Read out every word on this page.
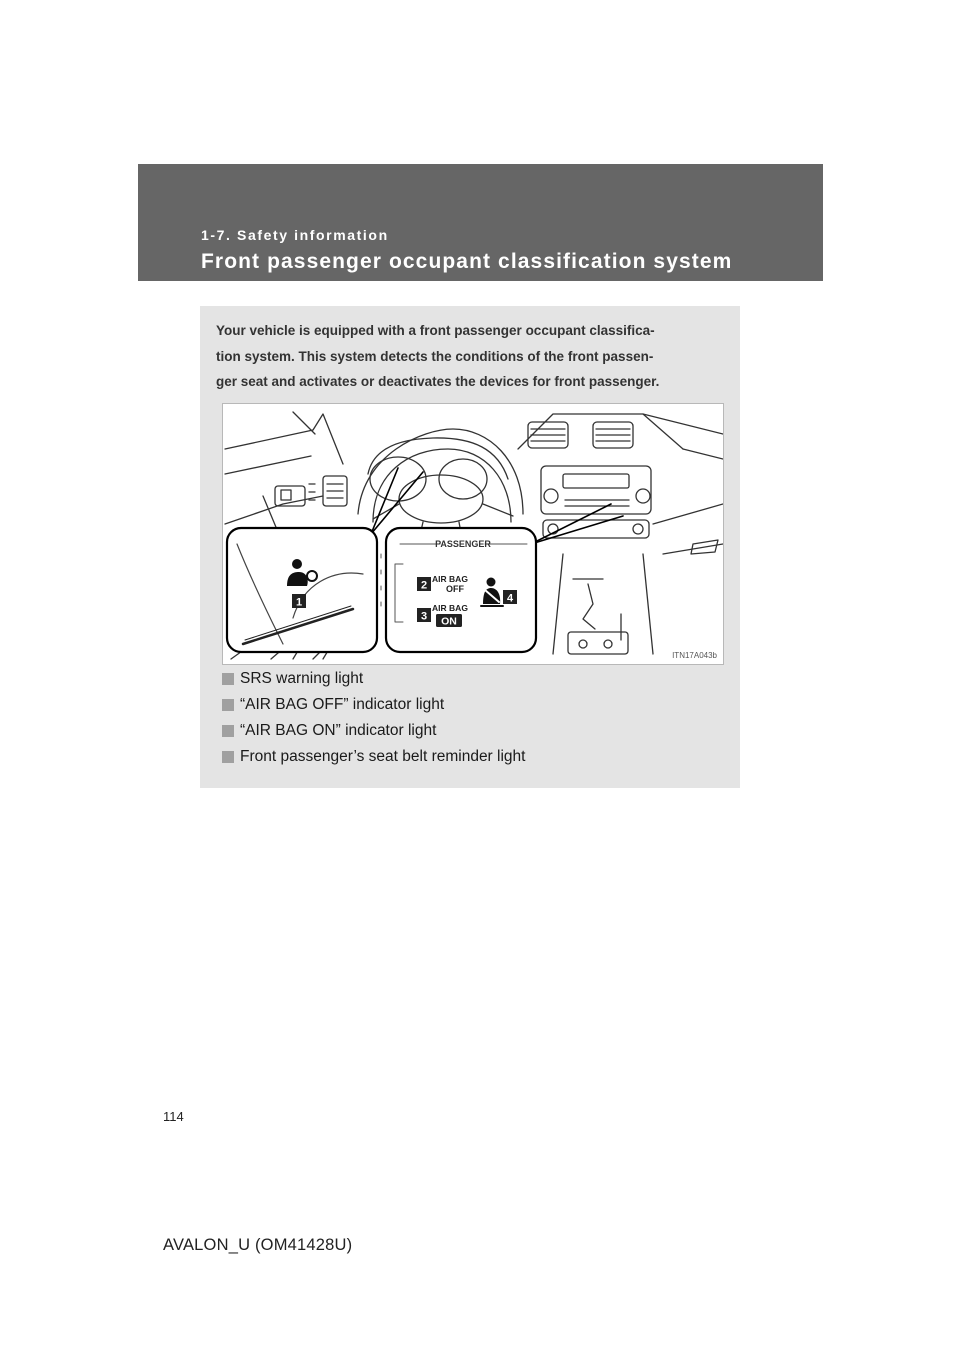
1-7. Safety information
Front passenger occupant classification system

Your vehicle is equipped with a front passenger occupant classifica-

tion system. This system detects the conditions of the front passen-

ger seat and activates or deactivates the devices for front passenger.

1
PASSENGER
2
AIR BAG
OFF
3
AIR BAG
ON
4
ITN17A043b
SRS warning light
“AIR BAG OFF” indicator light
“AIR BAG ON” indicator light
Front passenger’s seat belt reminder light
114
AVALON_U (OM41428U)
